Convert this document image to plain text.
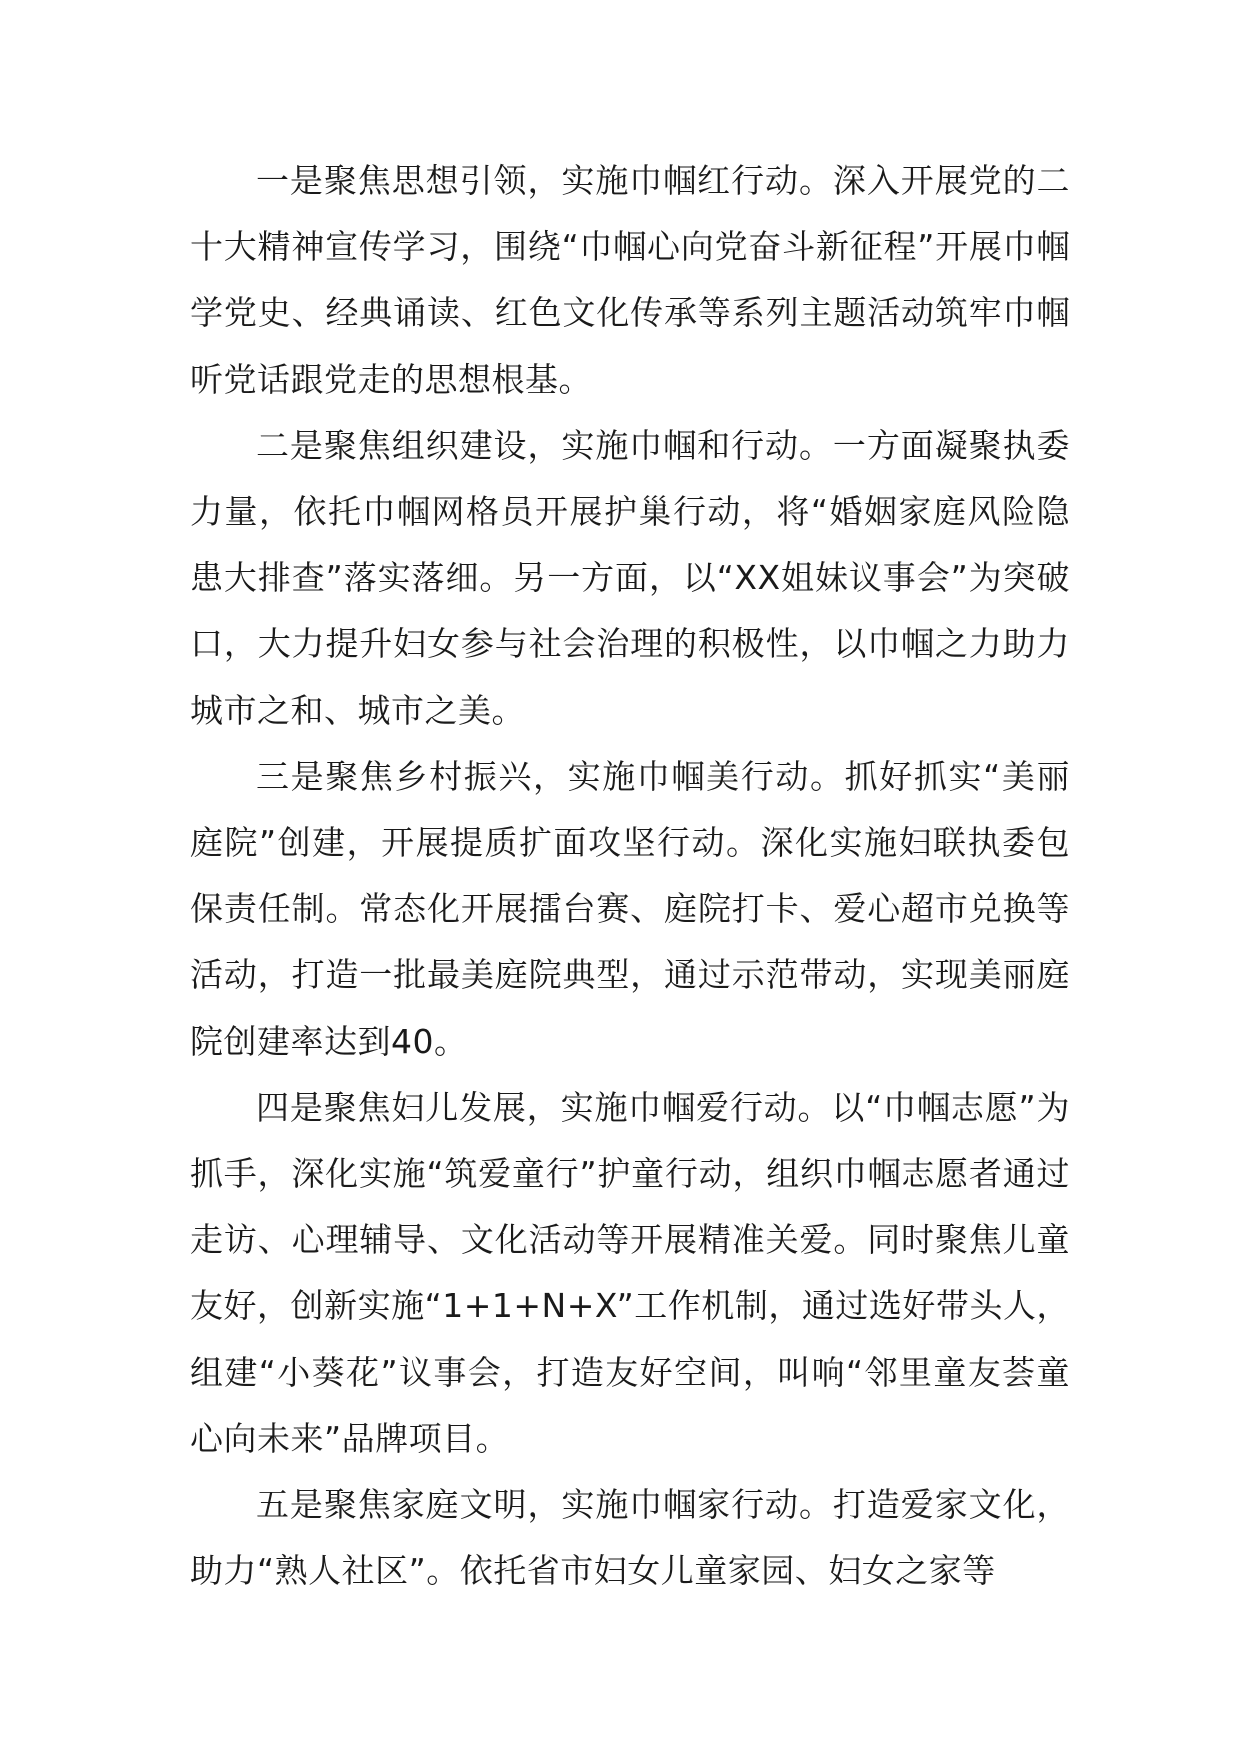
一是聚焦思想引领，实施巾帼红行动。深入开展党的二十大精神宣传学习，围绕“巾帼心向党奋斗新征程”开展巾帼学党史、经典诵读、红色文化传承等系列主题活动筑牢巾帼听党话跟党走的思想根基。

二是聚焦组织建设，实施巾帼和行动。一方面凝聚执委力量，依托巾帼网格员开展护巢行动，将“婚姻家庭风险隐患大排查”落实落细。另一方面，以“XX姐妹议事会”为突破口，大力提升妇女参与社会治理的积极性，以巾帼之力助力城市之和、城市之美。

三是聚焦乡村振兴，实施巾帼美行动。抓好抓实“美丽庭院”创建，开展提质扩面攻坚行动。深化实施妇联执委包保责任制。常态化开展擂台赛、庭院打卡、爱心超市兑换等活动，打造一批最美庭院典型，通过示范带动，实现美丽庭院创建率达到40。

四是聚焦妇儿发展，实施巾帼爱行动。以“巾帼志愿”为抓手，深化实施“筑爱童行”护童行动，组织巾帼志愿者通过走访、心理辅导、文化活动等开展精准关爱。同时聚焦儿童友好，创新实施“1+1+N+X”工作机制，通过选好带头人，组建“小葵花”议事会，打造友好空间，叫响“邻里童友荟童心向未来”品牌项目。

五是聚焦家庭文明，实施巾帼家行动。打造爱家文化，助力“熟人社区”。依托省市妇女儿童家园、妇女之家等
